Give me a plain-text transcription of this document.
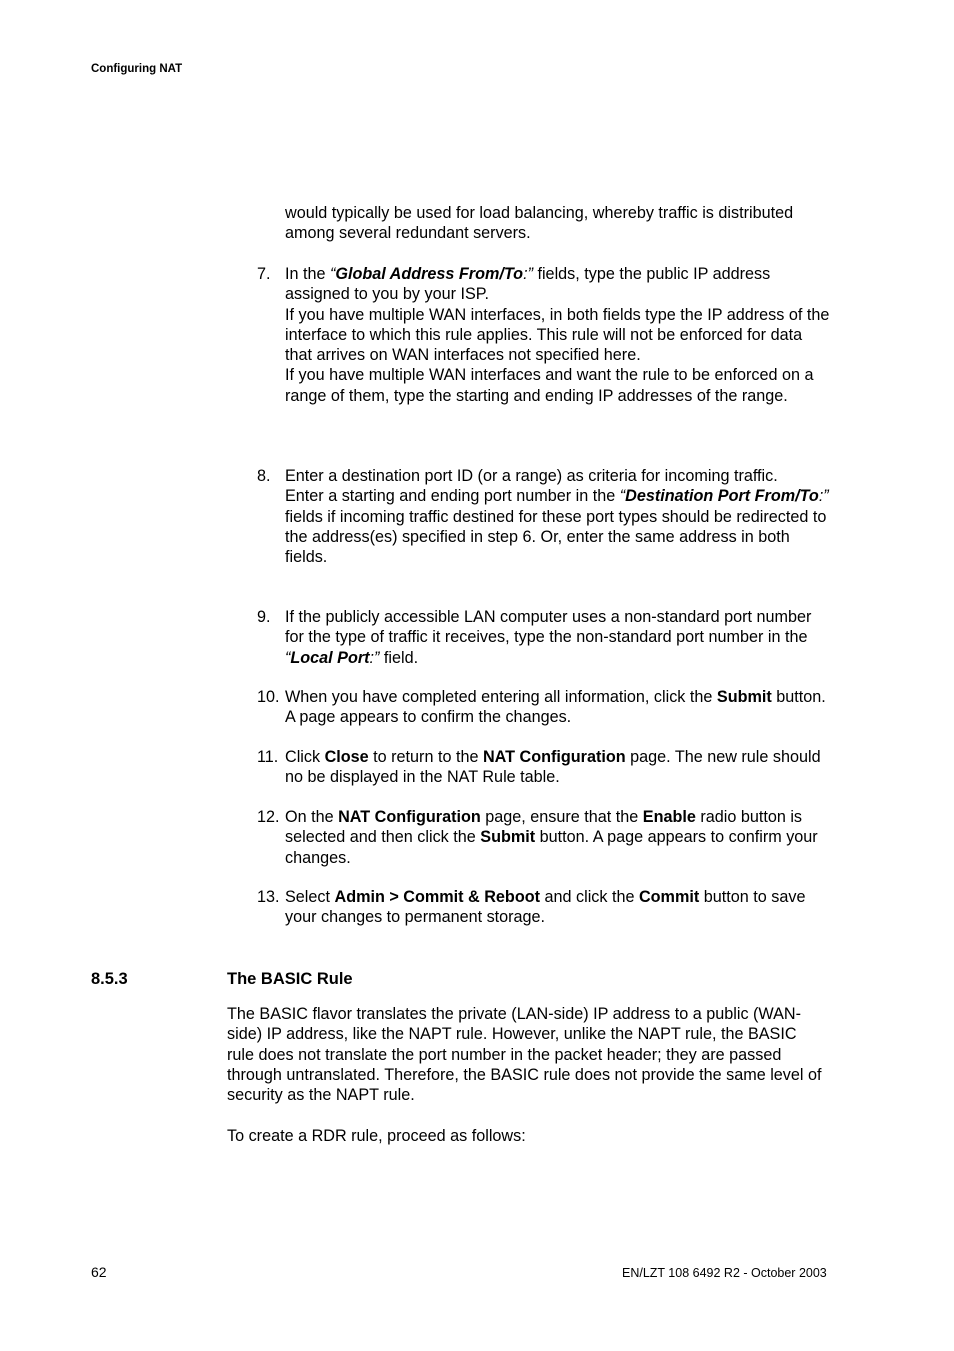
Configuring NAT

would typically be used for load balancing, whereby traffic is distributed among several redundant servers.

7. In the “Global Address From/To:” fields, type the public IP address assigned to you by your ISP.
If you have multiple WAN interfaces, in both fields type the IP address of the interface to which this rule applies. This rule will not be enforced for data that arrives on WAN interfaces not specified here.
If you have multiple WAN interfaces and want the rule to be enforced on a range of them, type the starting and ending IP addresses of the range.
8. Enter a destination port ID (or a range) as criteria for incoming traffic.
Enter a starting and ending port number in the “Destination Port From/To:” fields if incoming traffic destined for these port types should be redirected to the address(es) specified in step 6. Or, enter the same address in both fields.
9. If the publicly accessible LAN computer uses a non-standard port number for the type of traffic it receives, type the non-standard port number in the “Local Port:” field.
10. When you have completed entering all information, click the Submit button. A page appears to confirm the changes.
11. Click Close to return to the NAT Configuration page. The new rule should no be displayed in the NAT Rule table.
12. On the NAT Configuration page, ensure that the Enable radio button is selected and then click the Submit button. A page appears to confirm your changes.
13. Select Admin > Commit & Reboot and click the Commit button to save your changes to permanent storage.
8.5.3	The BASIC Rule

The BASIC flavor translates the private (LAN-side) IP address to a public (WAN-side) IP address, like the NAPT rule. However, unlike the NAPT rule, the BASIC rule does not translate the port number in the packet header; they are passed through untranslated. Therefore, the BASIC rule does not provide the same level of security as the NAPT rule.

To create a RDR rule, proceed as follows:

62	EN/LZT 108 6492 R2 - October 2003
